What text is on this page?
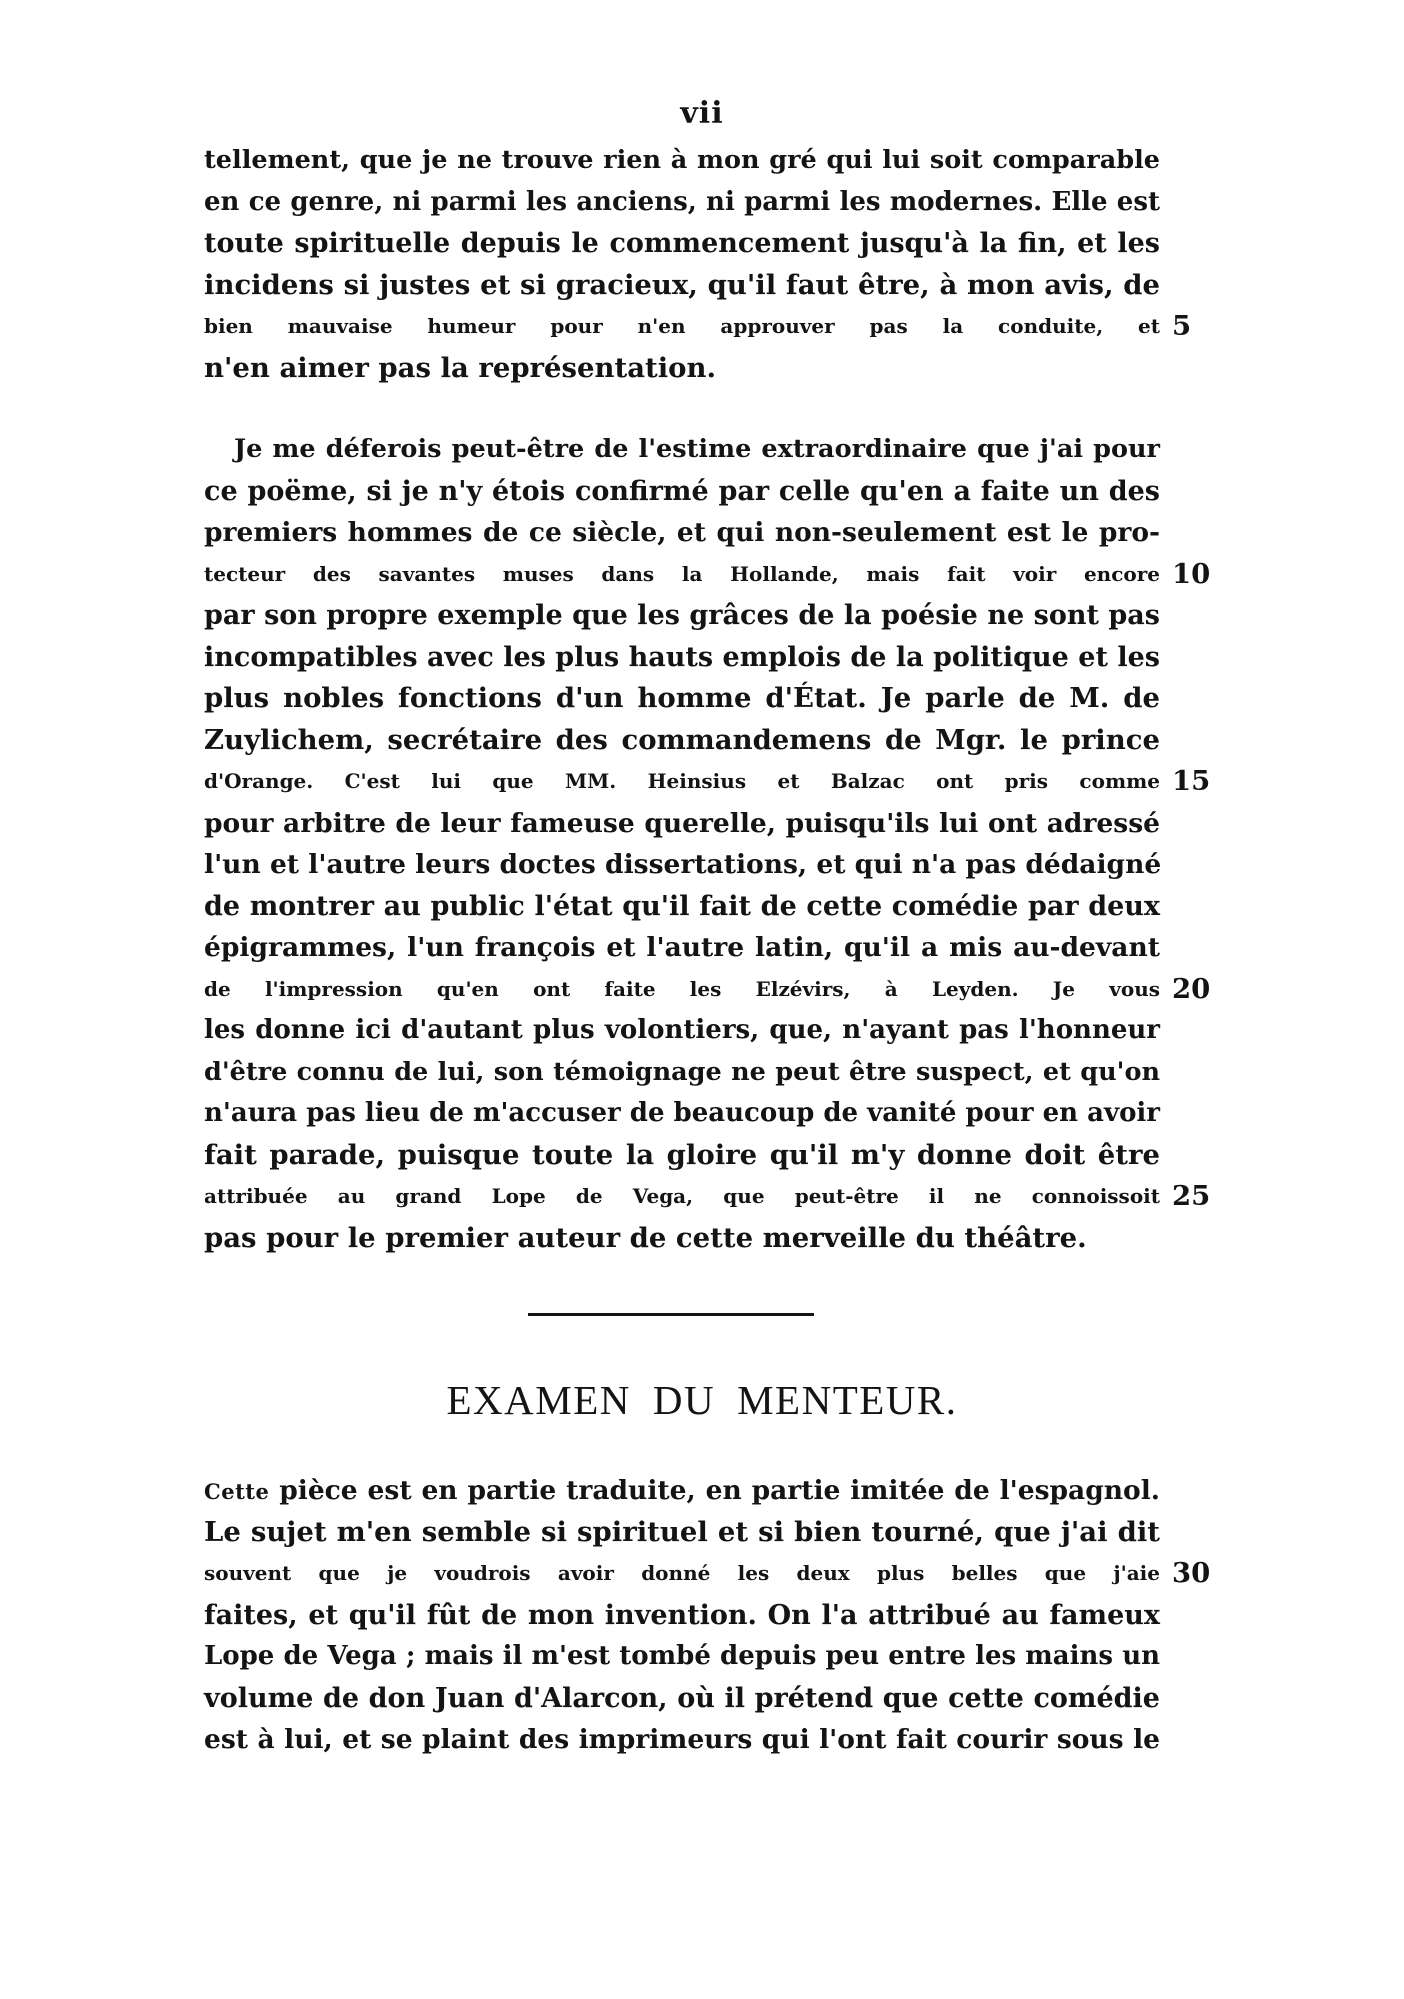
vii
tellement, que je ne trouve rien à mon gré qui lui soit comparable
en ce genre, ni parmi les anciens, ni parmi les modernes. Elle est
toute spirituelle depuis le commencement jusqu'à la fin, et les
incidens si justes et si gracieux, qu'il faut être, à mon avis, de
bien mauvaise humeur pour n'en approuver pas la conduite, et 5
n'en aimer pas la représentation.
Je me déferois peut-être de l'estime extraordinaire que j'ai pour
ce poëme, si je n'y étois confirmé par celle qu'en a faite un des
premiers hommes de ce siècle, et qui non-seulement est le pro-
tecteur des savantes muses dans la Hollande, mais fait voir encore 10
par son propre exemple que les grâces de la poésie ne sont pas
incompatibles avec les plus hauts emplois de la politique et les
plus nobles fonctions d'un homme d'État. Je parle de M. de
Zuylichem, secrétaire des commandemens de Mgr. le prince
d'Orange. C'est lui que MM. Heinsius et Balzac ont pris comme 15
pour arbitre de leur fameuse querelle, puisqu'ils lui ont adressé
l'un et l'autre leurs doctes dissertations, et qui n'a pas dédaigné
de montrer au public l'état qu'il fait de cette comédie par deux
épigrammes, l'un françois et l'autre latin, qu'il a mis au-devant
de l'impression qu'en ont faite les Elzévirs, à Leyden. Je vous 20
les donne ici d'autant plus volontiers, que, n'ayant pas l'honneur
d'être connu de lui, son témoignage ne peut être suspect, et qu'on
n'aura pas lieu de m'accuser de beaucoup de vanité pour en avoir
fait parade, puisque toute la gloire qu'il m'y donne doit être
attribuée au grand Lope de Vega, que peut-être il ne connoissoit 25
pas pour le premier auteur de cette merveille du théâtre.
EXAMEN DU MENTEUR.
Cette pièce est en partie traduite, en partie imitée de l'espagnol.
Le sujet m'en semble si spirituel et si bien tourné, que j'ai dit
souvent que je voudrois avoir donné les deux plus belles que j'aie 30
faites, et qu'il fût de mon invention. On l'a attribué au fameux
Lope de Vega ; mais il m'est tombé depuis peu entre les mains un
volume de don Juan d'Alarcon, où il prétend que cette comédie
est à lui, et se plaint des imprimeurs qui l'ont fait courir sous le
